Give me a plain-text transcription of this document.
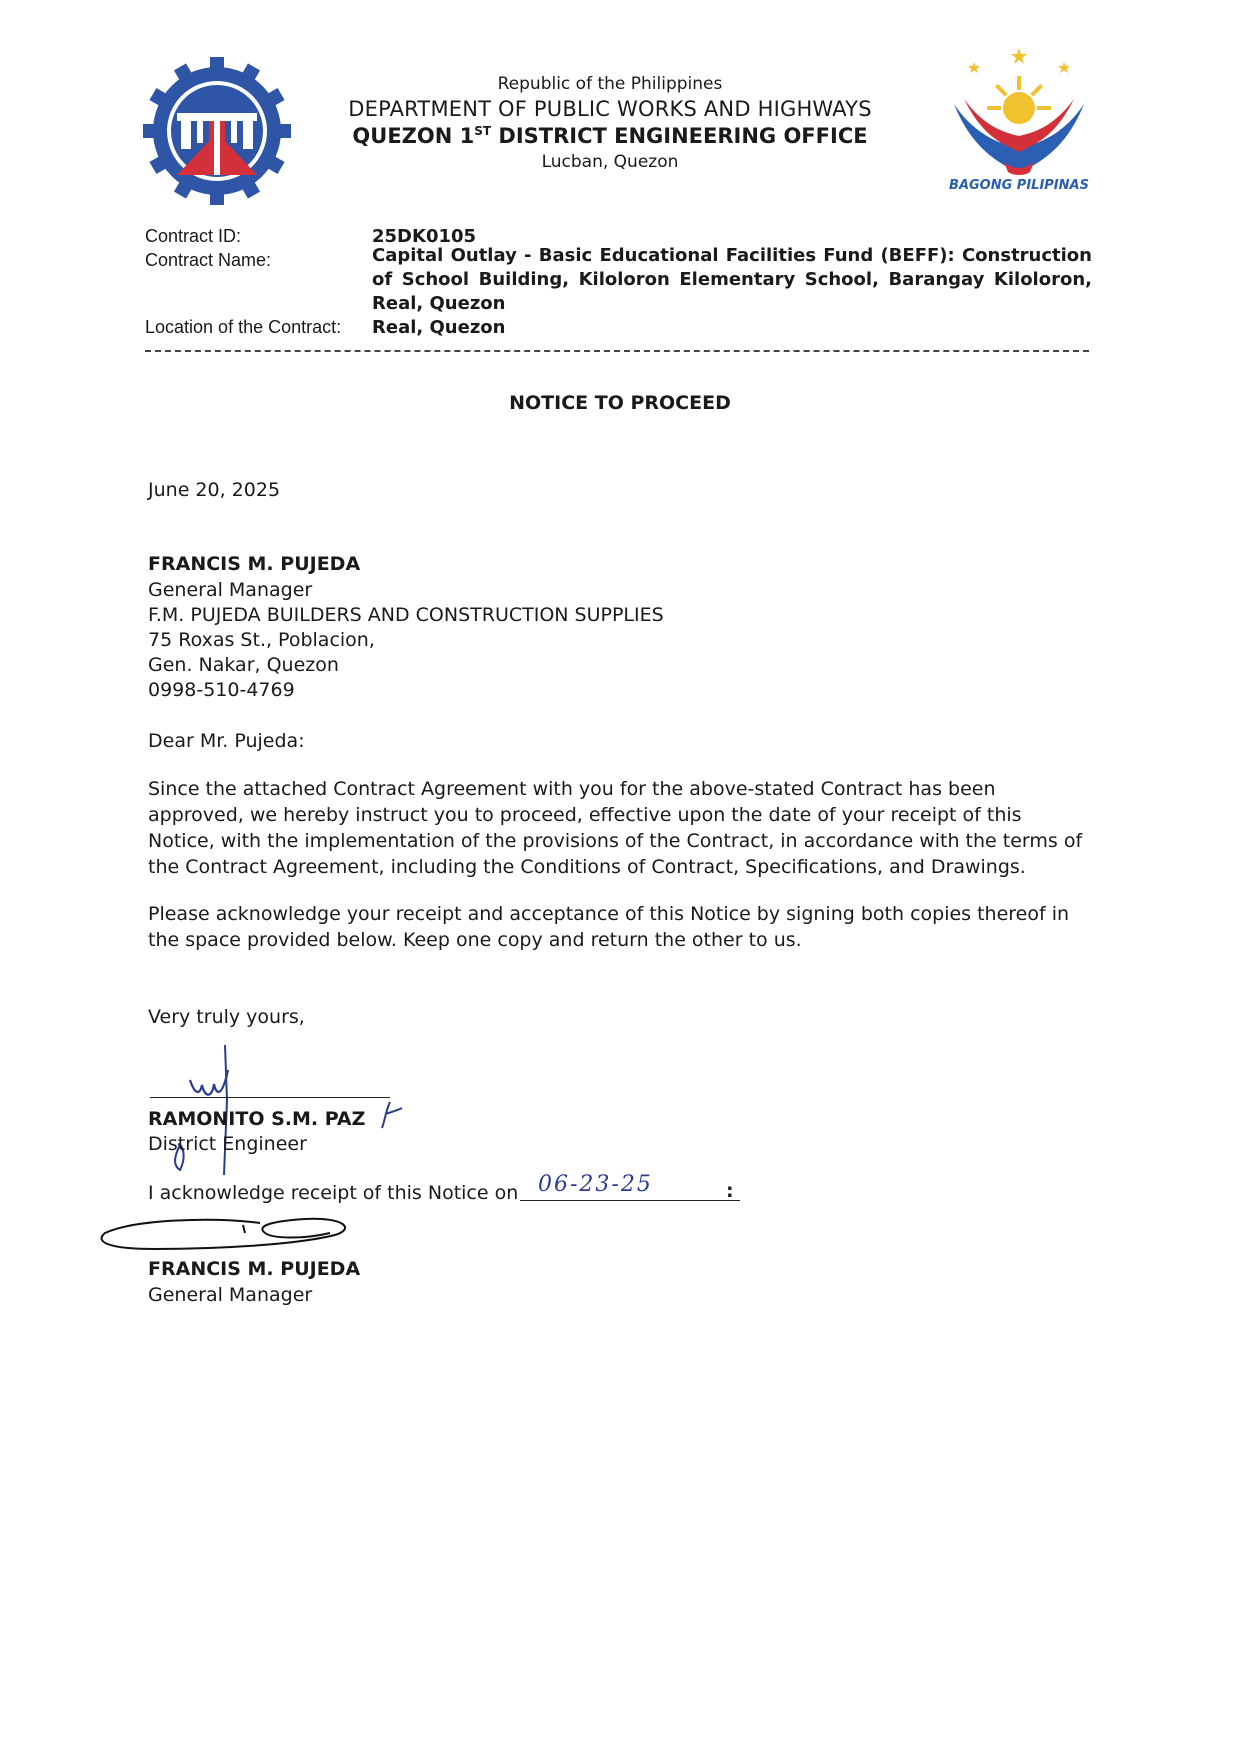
Republic of the Philippines
DEPARTMENT OF PUBLIC WORKS AND HIGHWAYS
QUEZON 1ST DISTRICT ENGINEERING OFFICE
Lucban, Quezon
BAGONG PILIPINAS
Contract ID:	25DK0105
Contract Name:	Capital Outlay - Basic Educational Facilities Fund (BEFF): Construction of School Building, Kiloloron Elementary School, Barangay Kiloloron, Real, Quezon
Location of the Contract: Real, Quezon
NOTICE TO PROCEED
June 20, 2025
FRANCIS M. PUJEDA
General Manager
F.M. PUJEDA BUILDERS AND CONSTRUCTION SUPPLIES
75 Roxas St., Poblacion,
Gen. Nakar, Quezon
0998-510-4769
Dear Mr. Pujeda:
Since the attached Contract Agreement with you for the above-stated Contract has been approved, we hereby instruct you to proceed, effective upon the date of your receipt of this Notice, with the implementation of the provisions of the Contract, in accordance with the terms of the Contract Agreement, including the Conditions of Contract, Specifications, and Drawings.
Please acknowledge your receipt and acceptance of this Notice by signing both copies thereof in the space provided below. Keep one copy and return the other to us.
Very truly yours,
RAMONITO S.M. PAZ
District Engineer
I acknowledge receipt of this Notice on 06-23-25	:
FRANCIS M. PUJEDA
General Manager
